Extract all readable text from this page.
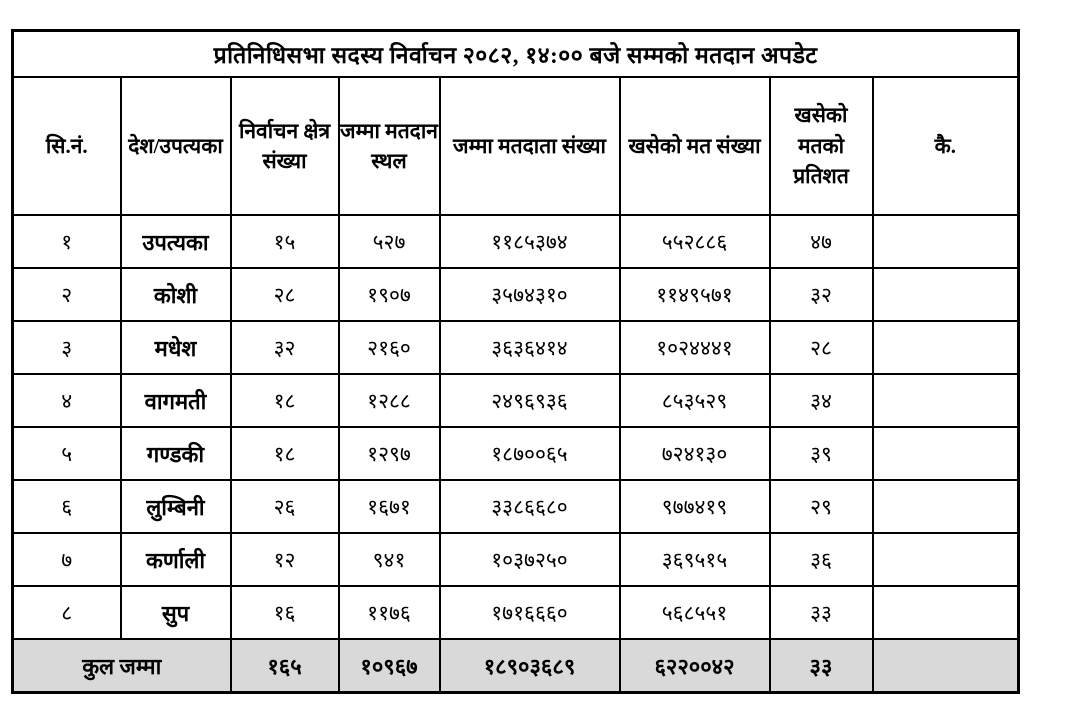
प्रतिनिधिसभा सदस्य निर्वाचन २०८२, १४:०० बजे सम्मको मतदान अपडेट							
सि.नं.	देश/उपत्यका	निर्वाचन क्षेत्र संख्या	जम्मा मतदानस्थल	जम्मा मतदाता संख्या	खसेको मत संख्या	खसेको मतको प्रतिशत	कै.
१	उपत्यका	१५	५२७	११८५३७४	५५२८८६	४७	
२	कोशी	२८	१९०७	३५७४३१०	११४९५७१	३२	
३	मधेश	३२	२१६०	३६३६४१४	१०२४४४१	२८	
४	वागमती	१८	१२८८	२४९६९३६	८५३५२९	३४	
५	गण्डकी	१८	१२९७	१८७००६५	७२४१३०	३९	
६	लुम्बिनी	२६	१६७१	३३८६६८०	९७७४१९	२९	
७	कर्णाली	१२	९४१	१०३७२५०	३६९५१५	३६	
८	सुप	१६	११७६	१७१६६६०	५६८५५१	३३	
कुल जम्मा		१६५	१०९६७	१८९०३६८९	६२२००४२	३३	
